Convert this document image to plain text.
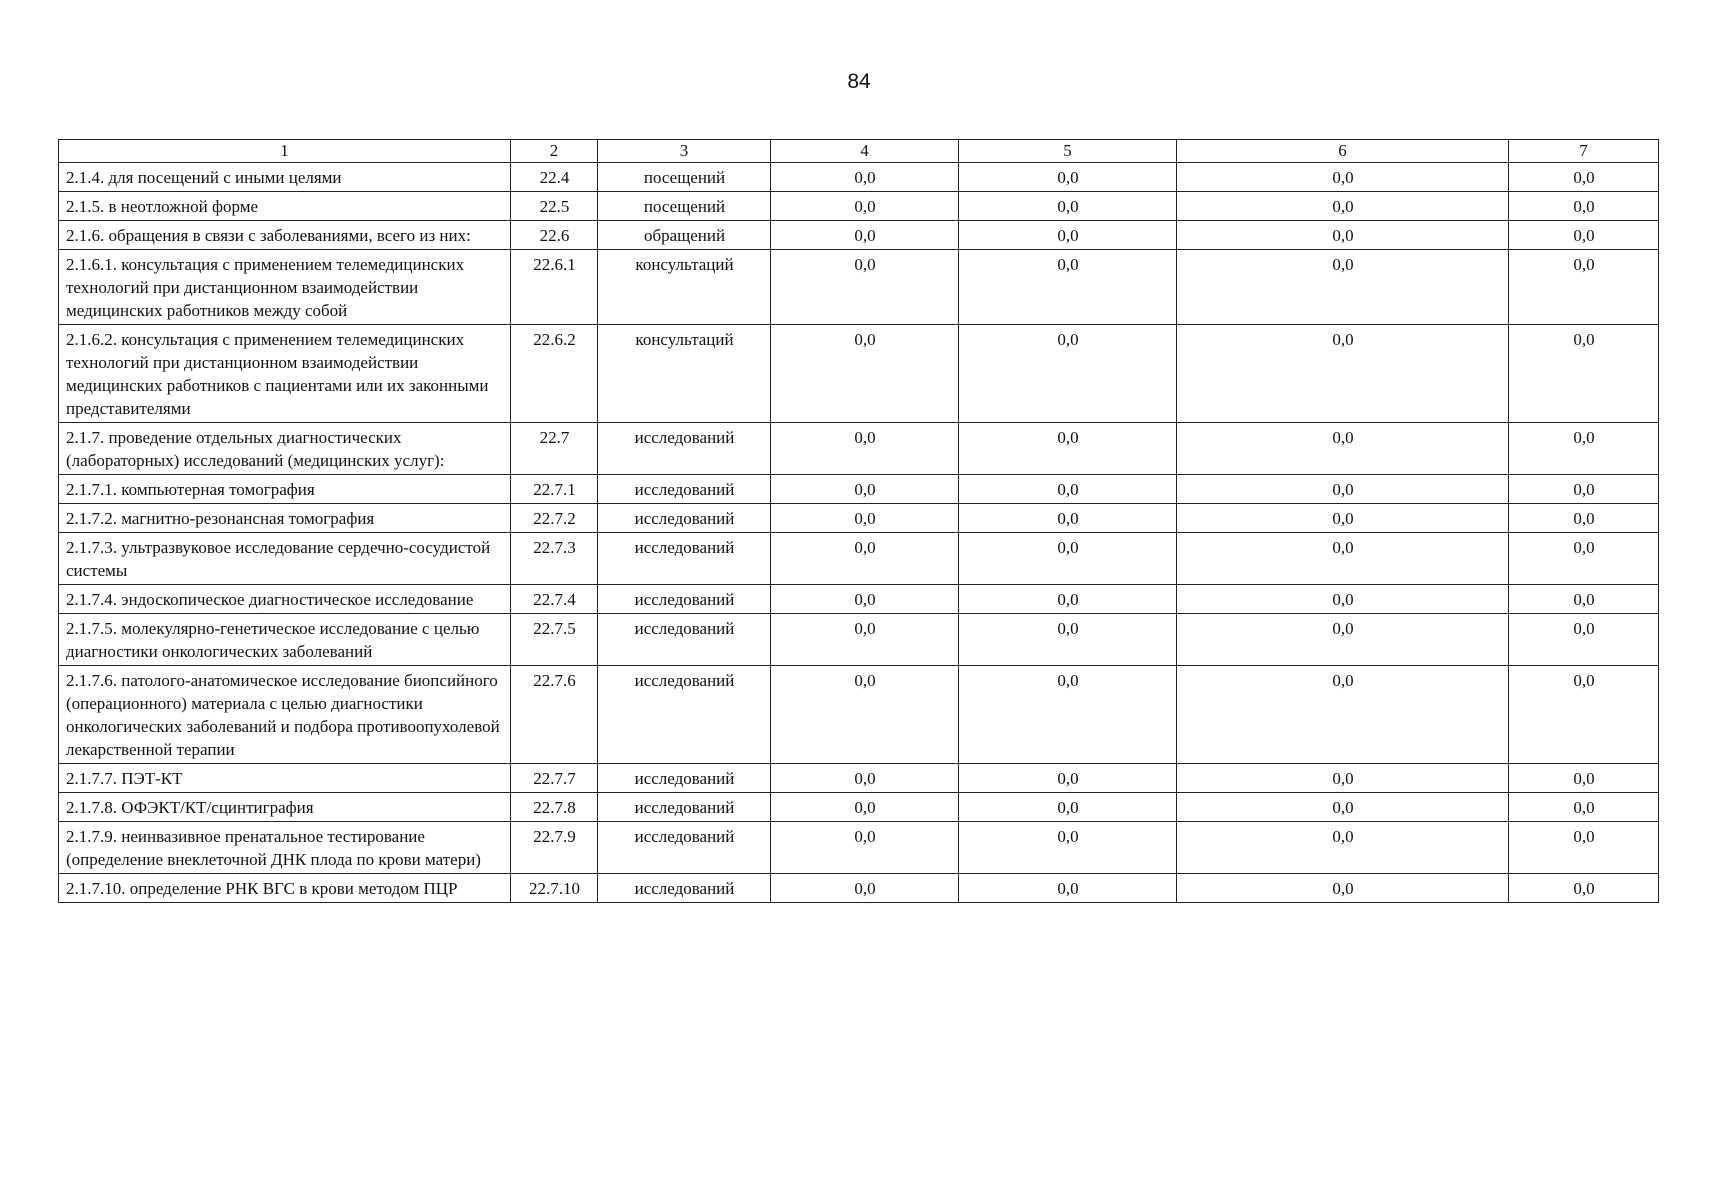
84
1	2	3	4	5	6	7
2.1.4. для посещений с иными целями	22.4	посещений	0,0	0,0	0,0	0,0
2.1.5. в неотложной форме	22.5	посещений	0,0	0,0	0,0	0,0
2.1.6. обращения в связи с заболеваниями, всего из них:	22.6	обращений	0,0	0,0	0,0	0,0
2.1.6.1. консультация с применением телемедицинских технологий при дистанционном взаимодействии медицинских работников между собой	22.6.1	консультаций	0,0	0,0	0,0	0,0
2.1.6.2. консультация с применением телемедицинских технологий при дистанционном взаимодействии медицинских работников с пациентами или их законными представителями	22.6.2	консультаций	0,0	0,0	0,0	0,0
2.1.7. проведение отдельных диагностических (лабораторных) исследований (медицинских услуг):	22.7	исследований	0,0	0,0	0,0	0,0
2.1.7.1. компьютерная томография	22.7.1	исследований	0,0	0,0	0,0	0,0
2.1.7.2. магнитно-резонансная томография	22.7.2	исследований	0,0	0,0	0,0	0,0
2.1.7.3. ультразвуковое исследование сердечно-сосудистой системы	22.7.3	исследований	0,0	0,0	0,0	0,0
2.1.7.4. эндоскопическое диагностическое исследование	22.7.4	исследований	0,0	0,0	0,0	0,0
2.1.7.5. молекулярно-генетическое исследование с целью диагностики онкологических заболеваний	22.7.5	исследований	0,0	0,0	0,0	0,0
2.1.7.6. патолого-анатомическое исследование биопсийного (операционного) материала с целью диагностики онкологических заболеваний и подбора противоопухолевой лекарственной терапии	22.7.6	исследований	0,0	0,0	0,0	0,0
2.1.7.7. ПЭТ-КТ	22.7.7	исследований	0,0	0,0	0,0	0,0
2.1.7.8. ОФЭКТ/КТ/сцинтиграфия	22.7.8	исследований	0,0	0,0	0,0	0,0
2.1.7.9. неинвазивное пренатальное тестирование (определение внеклеточной ДНК плода по крови матери)	22.7.9	исследований	0,0	0,0	0,0	0,0
2.1.7.10. определение РНК ВГС в крови методом ПЦР	22.7.10	исследований	0,0	0,0	0,0	0,0
